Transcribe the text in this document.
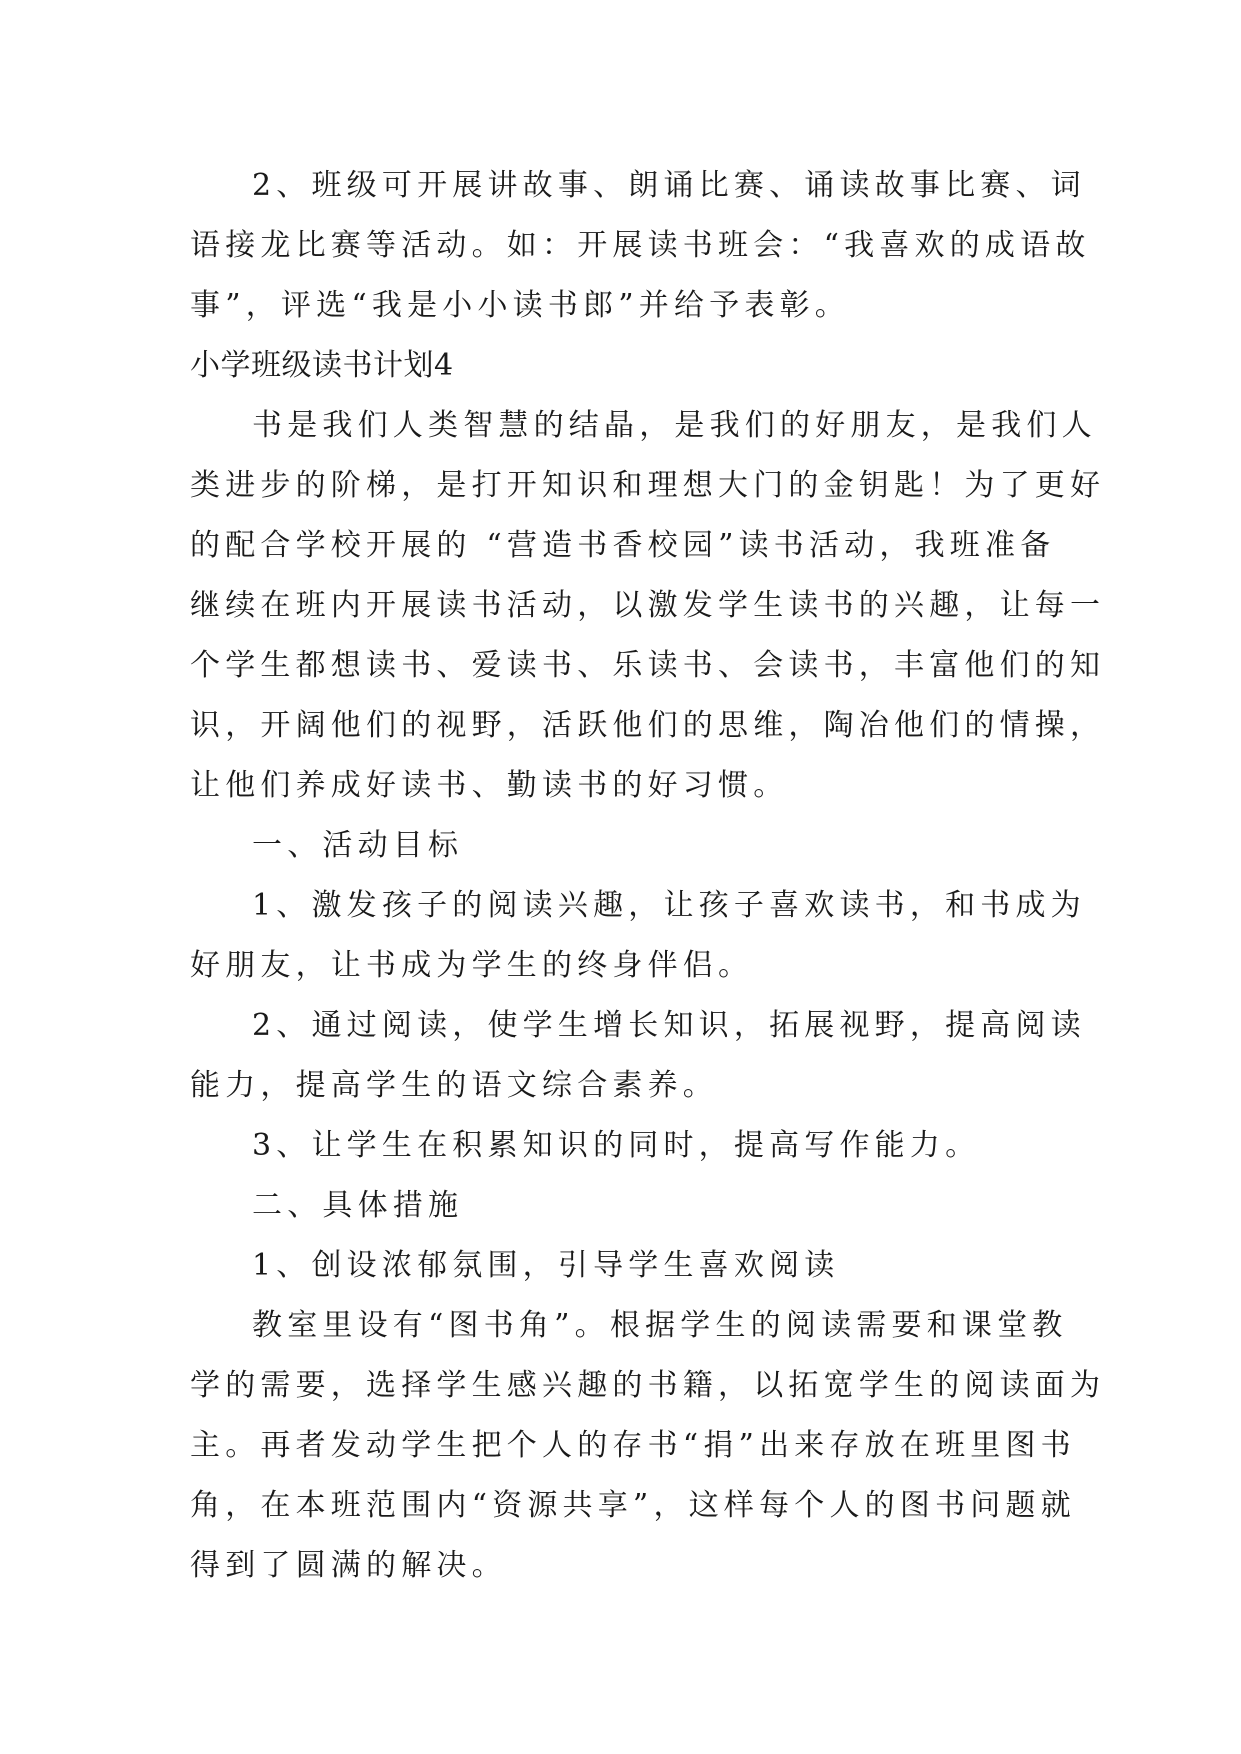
2、班级可开展讲故事、朗诵比赛、诵读故事比赛、词

语接龙比赛等活动。如：开展读书班会：“我喜欢的成语故

事”，评选“我是小小读书郎”并给予表彰。

小学班级读书计划4

书是我们人类智慧的结晶，是我们的好朋友，是我们人

类进步的阶梯，是打开知识和理想大门的金钥匙！为了更好

的配合学校开展的 “营造书香校园”读书活动，我班准备

继续在班内开展读书活动，以激发学生读书的兴趣，让每一

个学生都想读书、爱读书、乐读书、会读书，丰富他们的知

识，开阔他们的视野，活跃他们的思维，陶冶他们的情操，

让他们养成好读书、勤读书的好习惯。

一、活动目标

1、激发孩子的阅读兴趣，让孩子喜欢读书，和书成为

好朋友，让书成为学生的终身伴侣。

2、通过阅读，使学生增长知识，拓展视野，提高阅读

能力，提高学生的语文综合素养。

3、让学生在积累知识的同时，提高写作能力。

二、具体措施

1、创设浓郁氛围，引导学生喜欢阅读

教室里设有“图书角”。根据学生的阅读需要和课堂教

学的需要，选择学生感兴趣的书籍，以拓宽学生的阅读面为

主。再者发动学生把个人的存书“捐”出来存放在班里图书

角，在本班范围内“资源共享”，这样每个人的图书问题就

得到了圆满的解决。
